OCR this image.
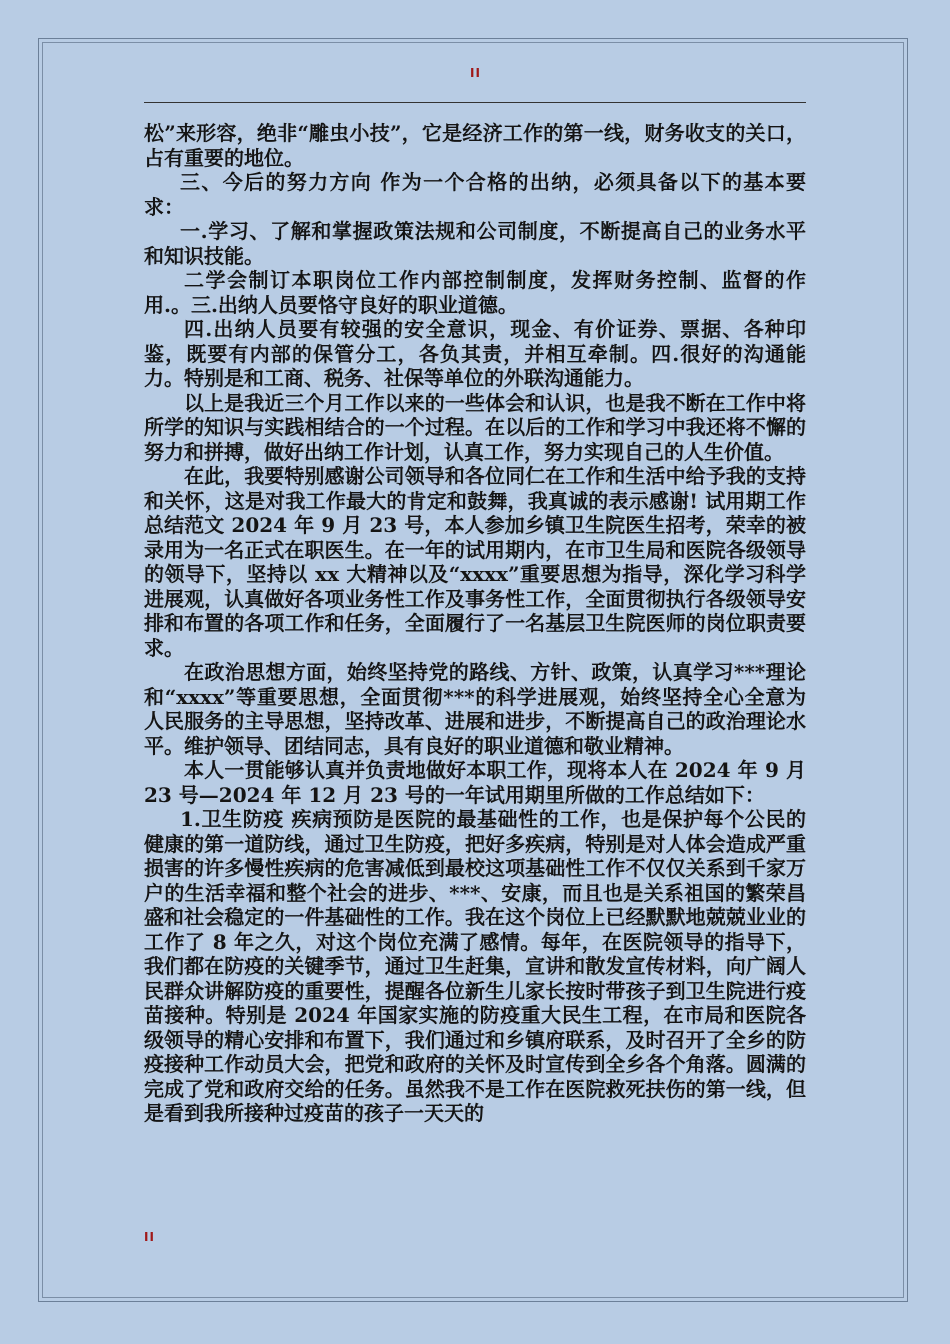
II

松”来形容，绝非“雕虫小技”，它是经济工作的第一线，财务收支的关口，占有重要的地位。

三、今后的努力方向 作为一个合格的出纳，必须具备以下的基本要求：

一.学习、了解和掌握政策法规和公司制度，不断提高自己的业务水平和知识技能。

二学会制订本职岗位工作内部控制制度，发挥财务控制、监督的作用.。三.出纳人员要恪守良好的职业道德。

四.出纳人员要有较强的安全意识，现金、有价证券、票据、各种印鉴，既要有内部的保管分工，各负其责，并相互牵制。四.很好的沟通能力。特别是和工商、税务、社保等单位的外联沟通能力。

以上是我近三个月工作以来的一些体会和认识，也是我不断在工作中将所学的知识与实践相结合的一个过程。在以后的工作和学习中我还将不懈的努力和拼搏，做好出纳工作计划，认真工作，努力实现自己的人生价值。

在此，我要特别感谢公司领导和各位同仁在工作和生活中给予我的支持和关怀，这是对我工作最大的肯定和鼓舞，我真诚的表示感谢! 试用期工作总结范文 2024 年 9 月 23 号，本人参加乡镇卫生院医生招考，荣幸的被录用为一名正式在职医生。在一年的试用期内，在市卫生局和医院各级领导的领导下，坚持以 xx 大精神以及“xxxx”重要思想为指导，深化学习科学进展观，认真做好各项业务性工作及事务性工作，全面贯彻执行各级领导安排和布置的各项工作和任务，全面履行了一名基层卫生院医师的岗位职责要求。

在政治思想方面，始终坚持党的路线、方针、政策，认真学习***理论和“xxxx”等重要思想，全面贯彻***的科学进展观，始终坚持全心全意为人民服务的主导思想，坚持改革、进展和进步，不断提高自己的政治理论水平。维护领导、团结同志，具有良好的职业道德和敬业精神。

本人一贯能够认真并负责地做好本职工作，现将本人在 2024 年 9 月 23 号—2024 年 12 月 23 号的一年试用期里所做的工作总结如下：

1.卫生防疫 疾病预防是医院的最基础性的工作，也是保护每个公民的健康的第一道防线，通过卫生防疫，把好多疾病，特别是对人体会造成严重损害的许多慢性疾病的危害减低到最校这项基础性工作不仅仅关系到千家万户的生活幸福和整个社会的进步、***、安康，而且也是关系祖国的繁荣昌盛和社会稳定的一件基础性的工作。我在这个岗位上已经默默地兢兢业业的工作了 8 年之久，对这个岗位充满了感情。每年，在医院领导的指导下，我们都在防疫的关键季节，通过卫生赶集，宣讲和散发宣传材料，向广阔人民群众讲解防疫的重要性，提醒各位新生儿家长按时带孩子到卫生院进行疫苗接种。特别是 2024 年国家实施的防疫重大民生工程，在市局和医院各级领导的精心安排和布置下，我们通过和乡镇府联系，及时召开了全乡的防疫接种工作动员大会，把党和政府的关怀及时宣传到全乡各个角落。圆满的完成了党和政府交给的任务。虽然我不是工作在医院救死扶伤的第一线，但是看到我所接种过疫苗的孩子一天天的

II
